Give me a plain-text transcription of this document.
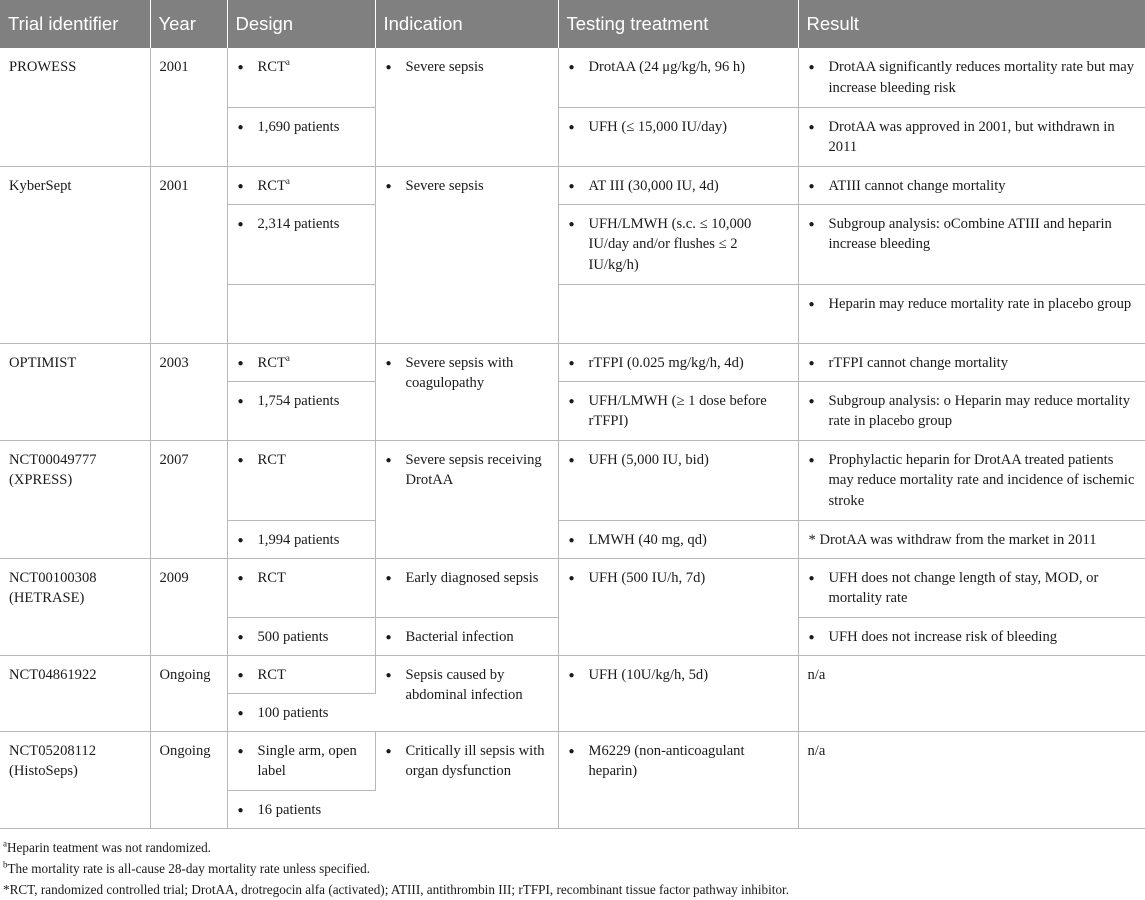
Trial identifier	Year	Design	Indication	Testing treatment	Result
PROWESS	2001	● RCT$^a$	● Severe sepsis	● DrotAA (24 μg/kg/h, 96 h)	● DrotAA significantly reduces mortality rate but may increase bleeding risk

		● 1,690 patients		● UFH (≤ 15,000 IU/day)	● DrotAA was approved in 2001, but withdrawn in 2011

KyberSept	2001	● RCT$^a$	● Severe sepsis	● AT III (30,000 IU, 4d)	● ATIII cannot change mortality

		● 2,314 patients		● UFH/LMWH (s.c. ≤ 10,000 IU/day and/or flushes ≤ 2 IU/kg/h)	● Subgroup analysis: oCombine ATIII and heparin increase bleeding

					● Heparin may reduce mortality rate in placebo group

OPTIMIST	2003	● RCT$^a$	● Severe sepsis with coagulopathy	● rTFPI (0.025 mg/kg/h, 4d)	● rTFPI cannot change mortality

		● 1,754 patients		● UFH/LMWH (≥ 1 dose before rTFPI)	● Subgroup analysis: o Heparin may reduce mortality rate in placebo group

NCT00049777 (XPRESS)	2007	● RCT	● Severe sepsis receiving DrotAA	● UFH (5,000 IU, bid)	● Prophylactic heparin for DrotAA treated patients may reduce mortality rate and incidence of ischemic stroke

		● 1,994 patients		● LMWH (40 mg, qd)	* DrotAA was withdraw from the market in 2011
NCT00100308 (HETRASE)	2009	● RCT	● Early diagnosed sepsis	● UFH (500 IU/h, 7d)	● UFH does not change length of stay, MOD, or mortality rate

		● 500 patients	● Bacterial infection		● UFH does not increase risk of bleeding

NCT04861922	Ongoing	● RCT	● Sepsis caused by abdominal infection	● UFH (10U/kg/h, 5d)	n/a

		● 100 patients			

NCT05208112 (HistoSeps)	Ongoing	● Single arm, open label	● Critically ill sepsis with organ dysfunction	● M6229 (non-anticoagulant heparin)	n/a

		● 16 patients			
$^a$Heparin teatment was not randomized.
$^b$The mortality rate is all-cause 28-day mortality rate unless specified.
*RCT, randomized controlled trial; DrotAA, drotregocin alfa (activated); ATIII, antithrombin III; rTFPI, recombinant tissue factor pathway inhibitor.
